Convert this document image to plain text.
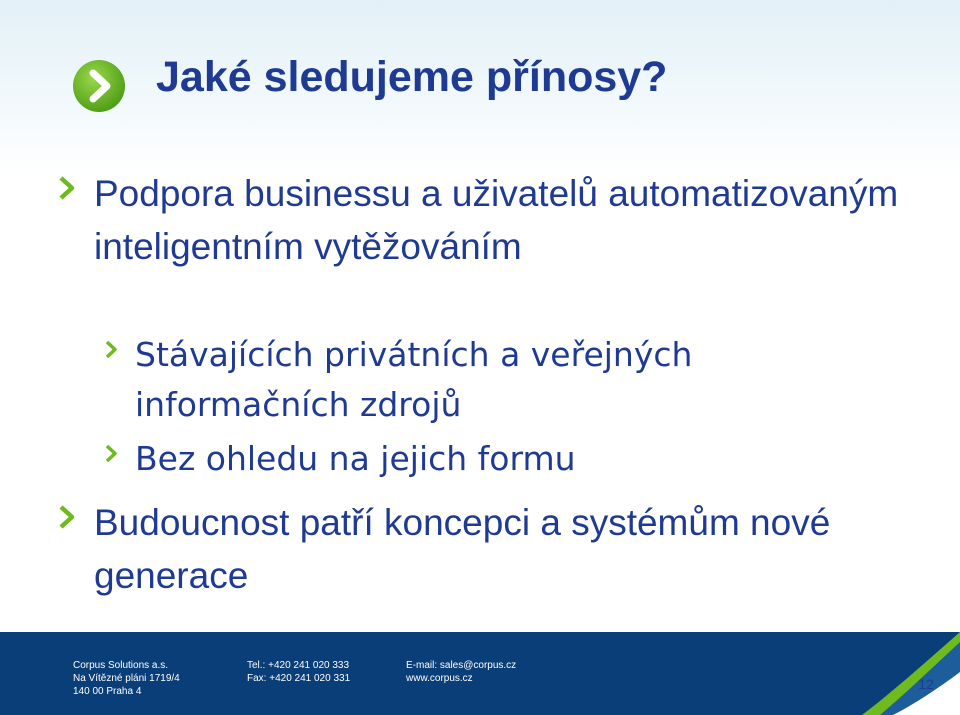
Jaké sledujeme přínosy?
Podpora businessu a uživatelů automatizovaným inteligentním vytěžováním
Stávajících privátních a veřejných informačních zdrojů
Bez ohledu na jejich formu
Budoucnost patří koncepci a systémům nové generace
Corpus Solutions a.s.
Na Vítězné pláni 1719/4
140 00 Praha 4
Tel.: +420 241 020 333
Fax: +420 241 020 331
E-mail: sales@corpus.cz
www.corpus.cz	12
